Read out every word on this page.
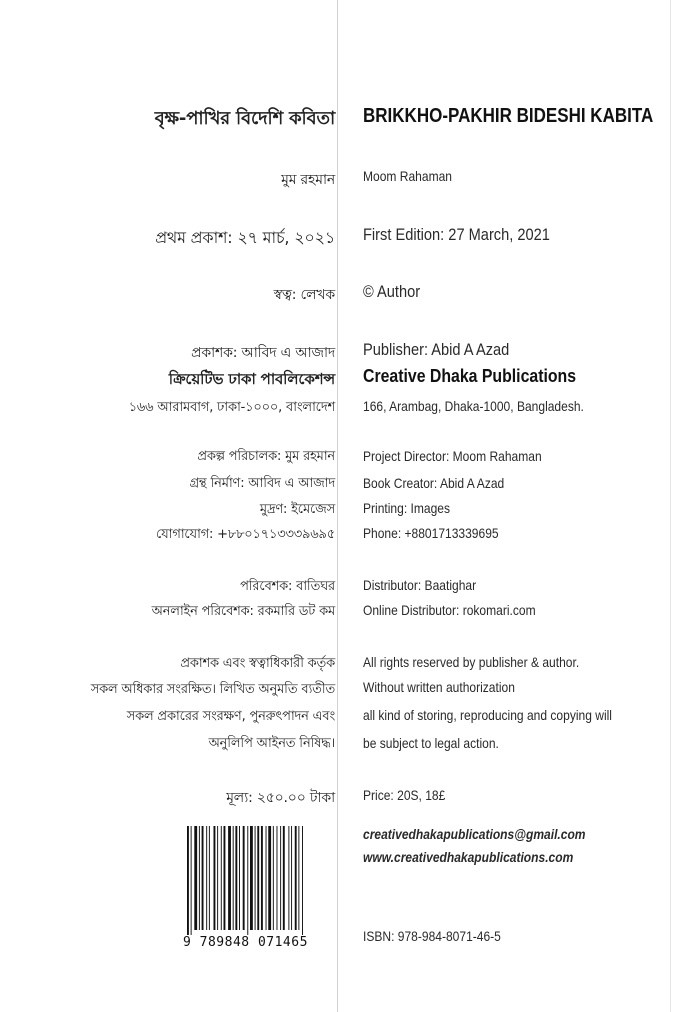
বৃক্ষ-পাখির বিদেশি কবিতা
মুম রহমান
প্রথম প্রকাশ: ২৭ মার্চ, ২০২১
স্বত্ব: লেখক
প্রকাশক: আবিদ এ আজাদ
ক্রিয়েটিভ ঢাকা পাবলিকেশন্স
১৬৬ আরামবাগ, ঢাকা-১০০০, বাংলাদেশ
প্রকল্প পরিচালক: মুম রহমান
গ্রন্থ নির্মাণ: আবিদ এ আজাদ
মুদ্রণ: ইমেজেস
যোগাযোগ: +৮৮০১৭১৩৩৩৯৬৯৫
পরিবেশক: বাতিঘর
অনলাইন পরিবেশক: রকমারি ডট কম
প্রকাশক এবং স্বত্বাধিকারী কর্তৃক
সকল অধিকার সংরক্ষিত। লিখিত অনুমতি ব্যতীত
সকল প্রকারের সংরক্ষণ, পুনরুৎপাদন এবং
অনুলিপি আইনত নিষিদ্ধ।
মূল্য: ২৫০.০০ টাকা
9 789848 071465
BRIKKHO-PAKHIR BIDESHI KABITA
Moom Rahaman
First Edition: 27 March, 2021
© Author
Publisher: Abid A Azad
Creative Dhaka Publications
166, Arambag, Dhaka-1000, Bangladesh.
Project Director: Moom Rahaman
Book Creator: Abid A Azad
Printing: Images
Phone: +8801713339695
Distributor: Baatighar
Online Distributor: rokomari.com
All rights reserved by publisher & author.
Without written authorization
all kind of storing, reproducing and copying will
be subject to legal action.
Price: 20S, 18£
creativedhakapublications@gmail.com
www.creativedhakapublications.com
ISBN: 978-984-8071-46-5
